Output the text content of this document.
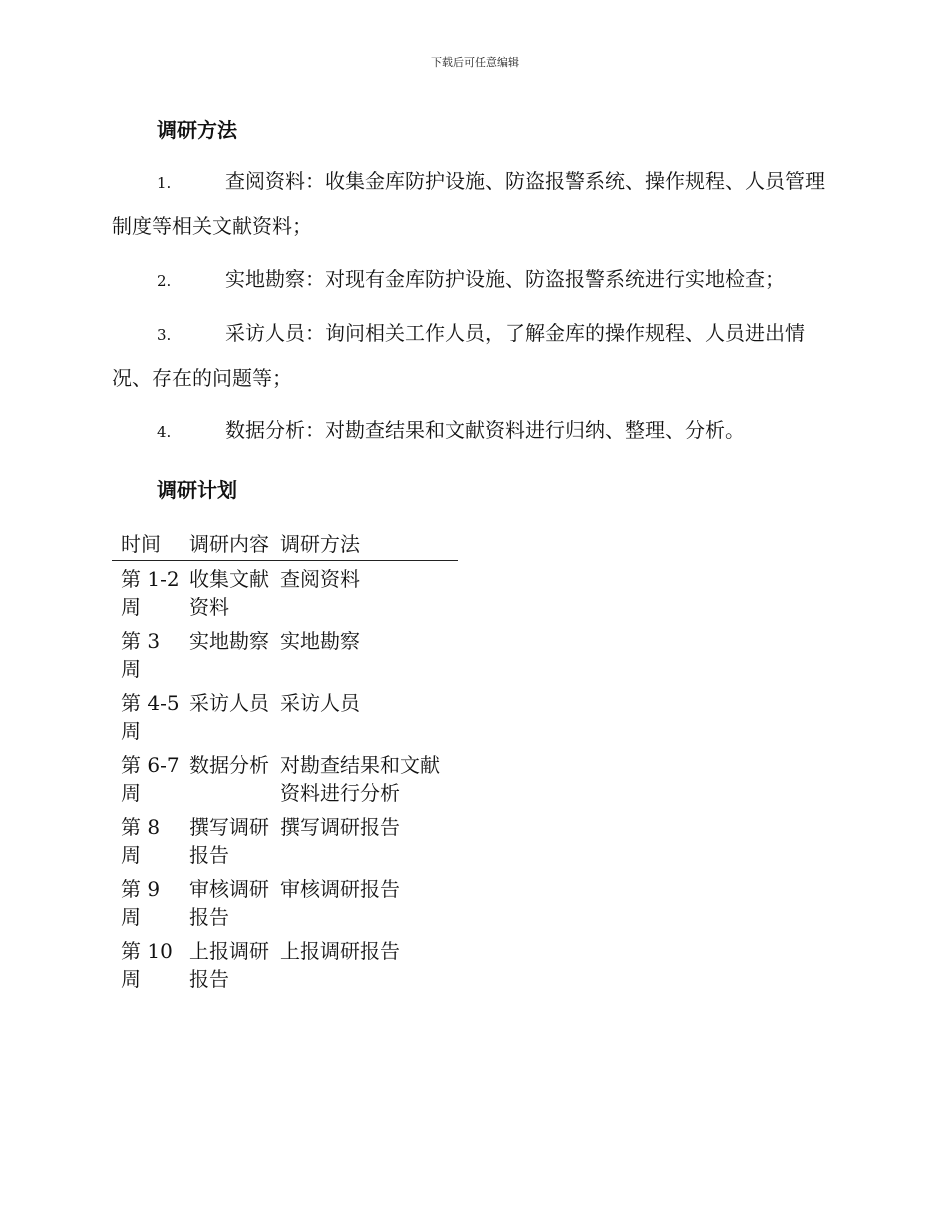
下载后可任意编辑
调研方法

1.	查阅资料：收集金库防护设施、防盗报警系统、操作规程、人员管理制度等相关文献资料；

2.	实地勘察：对现有金库防护设施、防盗报警系统进行实地检查；

3.	采访人员：询问相关工作人员，了解金库的操作规程、人员进出情况、存在的问题等；

4.	数据分析：对勘查结果和文献资料进行归纳、整理、分析。

调研计划
时间	调研内容	调研方法
第 1-2 周	收集文献资料	查阅资料
第 3 周	实地勘察	实地勘察
第 4-5 周	采访人员	采访人员
第 6-7 周	数据分析	对勘查结果和文献资料进行分析
第 8 周	撰写调研报告	撰写调研报告
第 9 周	审核调研报告	审核调研报告
第 10 周	上报调研报告	上报调研报告
